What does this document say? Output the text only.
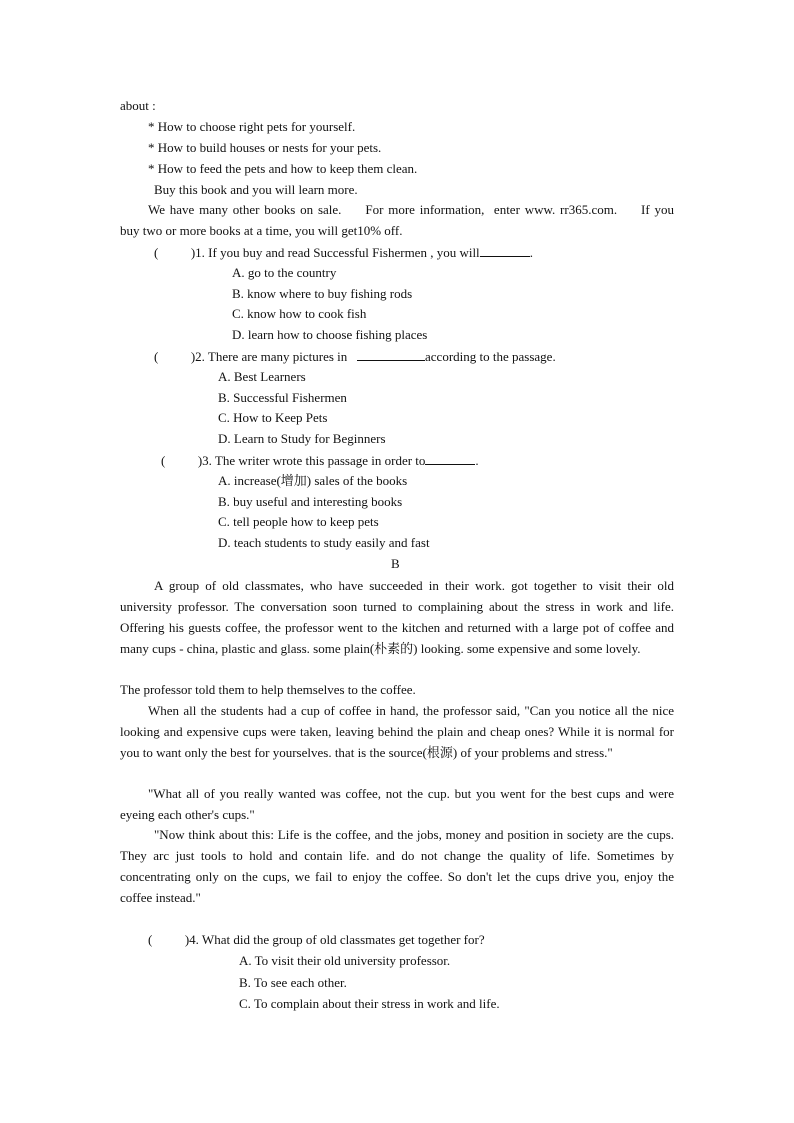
about :
* How to choose right pets for yourself.
* How to build houses or nests for your pets.
* How to feed the pets and how to keep them clean.
Buy this book and you will learn more.
We have many other books on sale.     For more information,  enter www. rr365.com.     If you
buy two or more books at a time, you will get10% off.
(          )1. If you buy and read Successful Fishermen , you will	.
A. go to the country
B. know where to buy fishing rods
C. know how to cook fish
D. learn how to choose fishing places
(          )2. There are many pictures in	according to the passage.
A. Best Learners
B. Successful Fishermen
C. How to Keep Pets
D. Learn to Study for Beginners
(          )3. The writer wrote this passage in order to	.
A. increase(增加) sales of the books
B. buy useful and interesting books
C. tell people how to keep pets
D. teach students to study easily and fast
B
A group of old classmates, who have succeeded in their work. got together to visit their old university professor. The conversation soon turned to complaining about the stress in work and life. Offering his guests coffee, the professor went to the kitchen and returned with a large pot of coffee and many cups - china, plastic and glass. some plain(朴素的) looking. some expensive and some lovely.
The professor told them to help themselves to the coffee.
When all the students had a cup of coffee in hand, the professor said, "Can you notice all the nice looking and expensive cups were taken, leaving behind the plain and cheap ones? While it is normal for you to want only the best for yourselves. that is the source(根源) of your problems and stress."
"What all of you really wanted was coffee, not the cup. but you went for the best cups and were eyeing each other's cups."
"Now think about this: Life is the coffee, and the jobs, money and position in society are the cups. They arc just tools to hold and contain life. and do not change the quality of life. Sometimes by concentrating only on the cups, we fail to enjoy the coffee. So don't let the cups drive you, enjoy the coffee instead."
(          )4. What did the group of old classmates get together for?
A. To visit their old university professor.
B. To see each other.
C. To complain about their stress in work and life.
